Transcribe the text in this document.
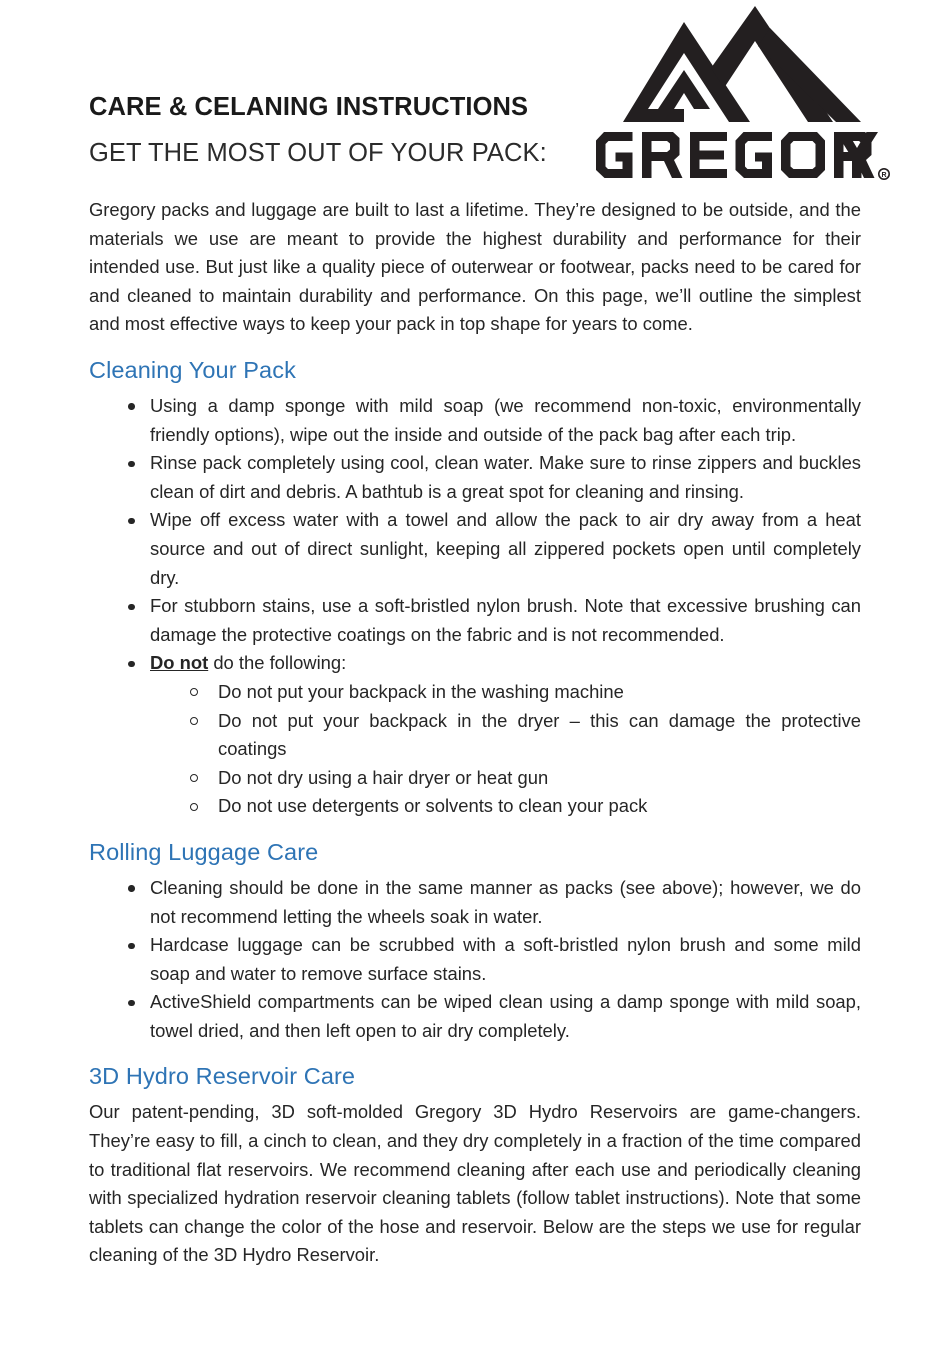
CARE & CELANING INSTRUCTIONS
GET THE MOST OUT OF YOUR PACK:
R

Gregory packs and luggage are built to last a lifetime. They’re designed to be outside, and the materials we use are meant to provide the highest durability and performance for their intended use. But just like a quality piece of outerwear or footwear, packs need to be cared for and cleaned to maintain durability and performance. On this page, we’ll outline the simplest and most effective ways to keep your pack in top shape for years to come.

Cleaning Your Pack
Using a damp sponge with mild soap (we recommend non-toxic, environmentally friendly options), wipe out the inside and outside of the pack bag after each trip.
Rinse pack completely using cool, clean water. Make sure to rinse zippers and buckles clean of dirt and debris. A bathtub is a great spot for cleaning and rinsing.
Wipe off excess water with a towel and allow the pack to air dry away from a heat source and out of direct sunlight, keeping all zippered pockets open until completely dry.
For stubborn stains, use a soft-bristled nylon brush. Note that excessive brushing can damage the protective coatings on the fabric and is not recommended.
Do not do the following:
Do not put your backpack in the washing machine
Do not put your backpack in the dryer – this can damage the protective coatings
Do not dry using a hair dryer or heat gun
Do not use detergents or solvents to clean your pack
Rolling Luggage Care
Cleaning should be done in the same manner as packs (see above); however, we do not recommend letting the wheels soak in water.
Hardcase luggage can be scrubbed with a soft-bristled nylon brush and some mild soap and water to remove surface stains.
ActiveShield compartments can be wiped clean using a damp sponge with mild soap, towel dried, and then left open to air dry completely.
3D Hydro Reservoir Care

Our patent-pending, 3D soft-molded Gregory 3D Hydro Reservoirs are game-changers. They’re easy to fill, a cinch to clean, and they dry completely in a fraction of the time compared to traditional flat reservoirs. We recommend cleaning after each use and periodically cleaning with specialized hydration reservoir cleaning tablets (follow tablet instructions). Note that some tablets can change the color of the hose and reservoir. Below are the steps we use for regular cleaning of the 3D Hydro Reservoir.
